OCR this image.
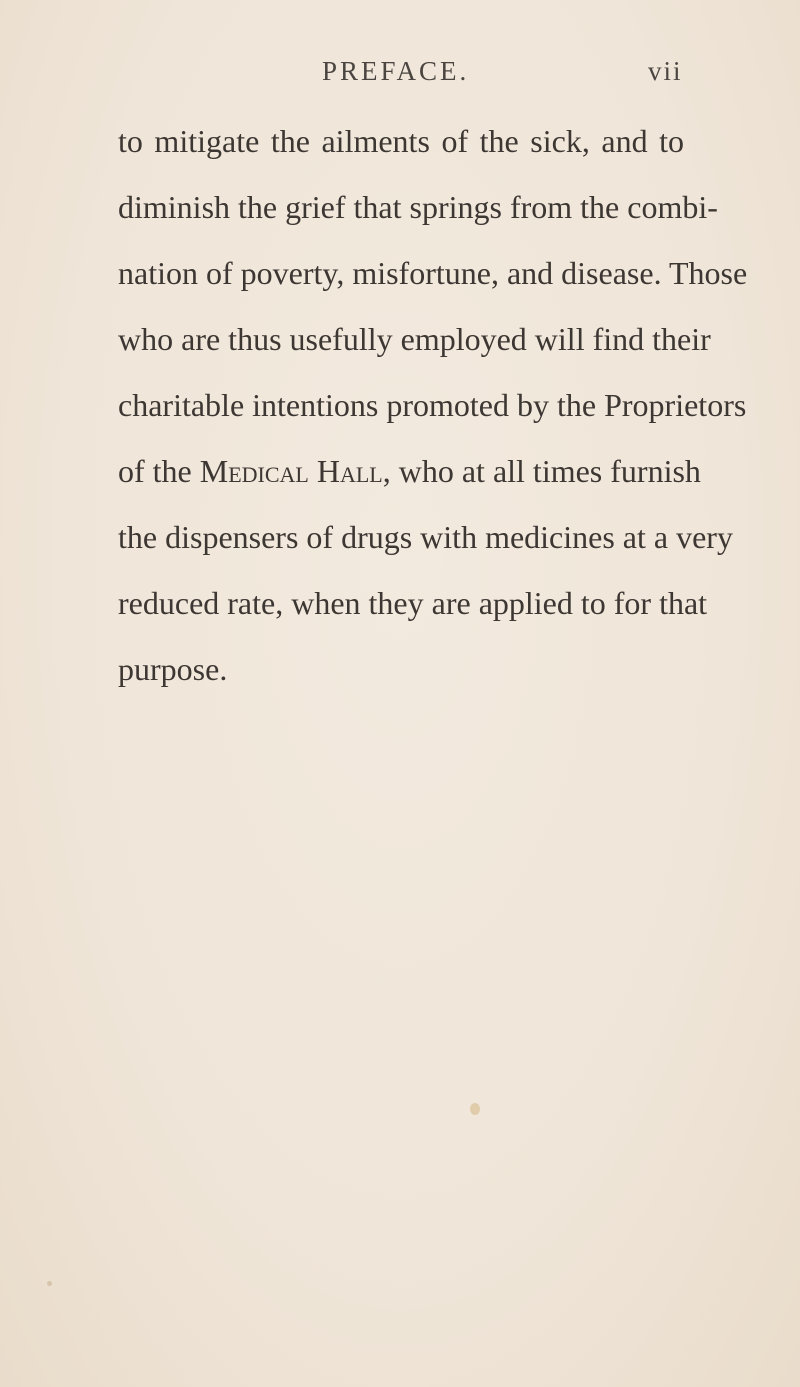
PREFACE.	vii
to mitigate the ailments of the sick, and to
diminish the grief that springs from the combi-
nation of poverty, misfortune, and disease. Those
who are thus usefully employed will find their
charitable intentions promoted by the Proprietors
of the Medical Hall, who at all times furnish
the dispensers of drugs with medicines at a very
reduced rate, when they are applied to for that
purpose.
